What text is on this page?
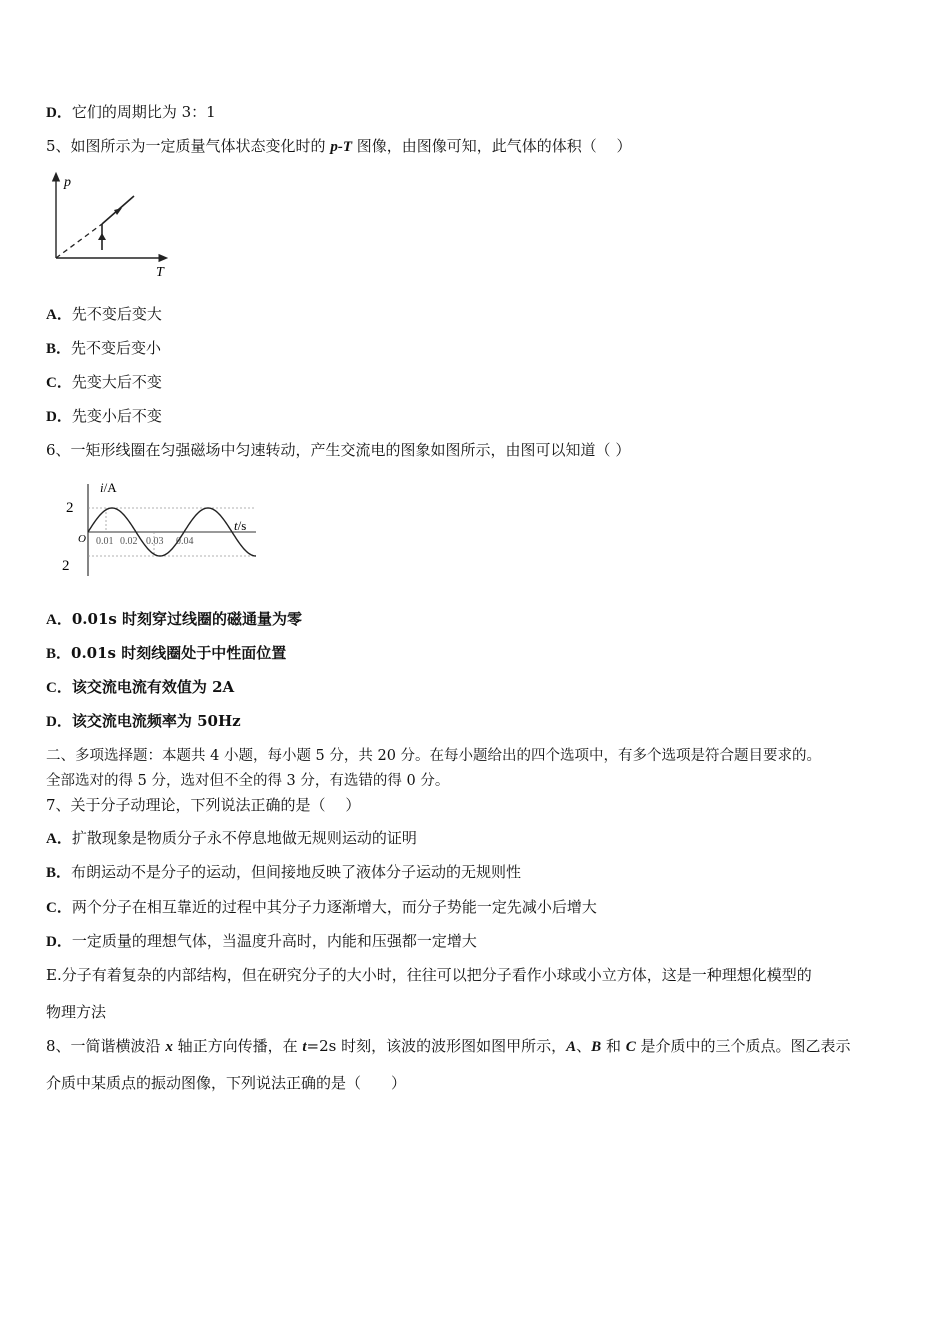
D．它们的周期比为 3：1
5、如图所示为一定质量气体状态变化时的 p-T 图像，由图像可知，此气体的体积（　 ）
p
T
A．先不变后变大
B．先不变后变小
C．先变大后不变
D．先变小后不变
6、一矩形线圈在匀强磁场中匀速转动，产生交流电的图象如图所示，由图可以知道（ ）
i/A
t/s
2
2
O 0.01 0.02 0.03 0.04
A．0.01s 时刻穿过线圈的磁通量为零
B．0.01s 时刻线圈处于中性面位置
C．该交流电流有效值为 2A
D．该交流电流频率为 50Hz
二、多项选择题：本题共 4 小题，每小题 5 分，共 20 分。在每小题给出的四个选项中，有多个选项是符合题目要求的。
全部选对的得 5 分，选对但不全的得 3 分，有选错的得 0 分。
7、关于分子动理论，下列说法正确的是（　 ）
A．扩散现象是物质分子永不停息地做无规则运动的证明
B．布朗运动不是分子的运动，但间接地反映了液体分子运动的无规则性
C．两个分子在相互靠近的过程中其分子力逐渐增大，而分子势能一定先减小后增大
D．一定质量的理想气体，当温度升高时，内能和压强都一定增大
E.分子有着复杂的内部结构，但在研究分子的大小时，往往可以把分子看作小球或小立方体，这是一种理想化模型的
物理方法
8、一简谐横波沿 x 轴正方向传播，在 t=2s 时刻，该波的波形图如图甲所示，A、B 和 C 是介质中的三个质点。图乙表示
介质中某质点的振动图像，下列说法正确的是（　　）
